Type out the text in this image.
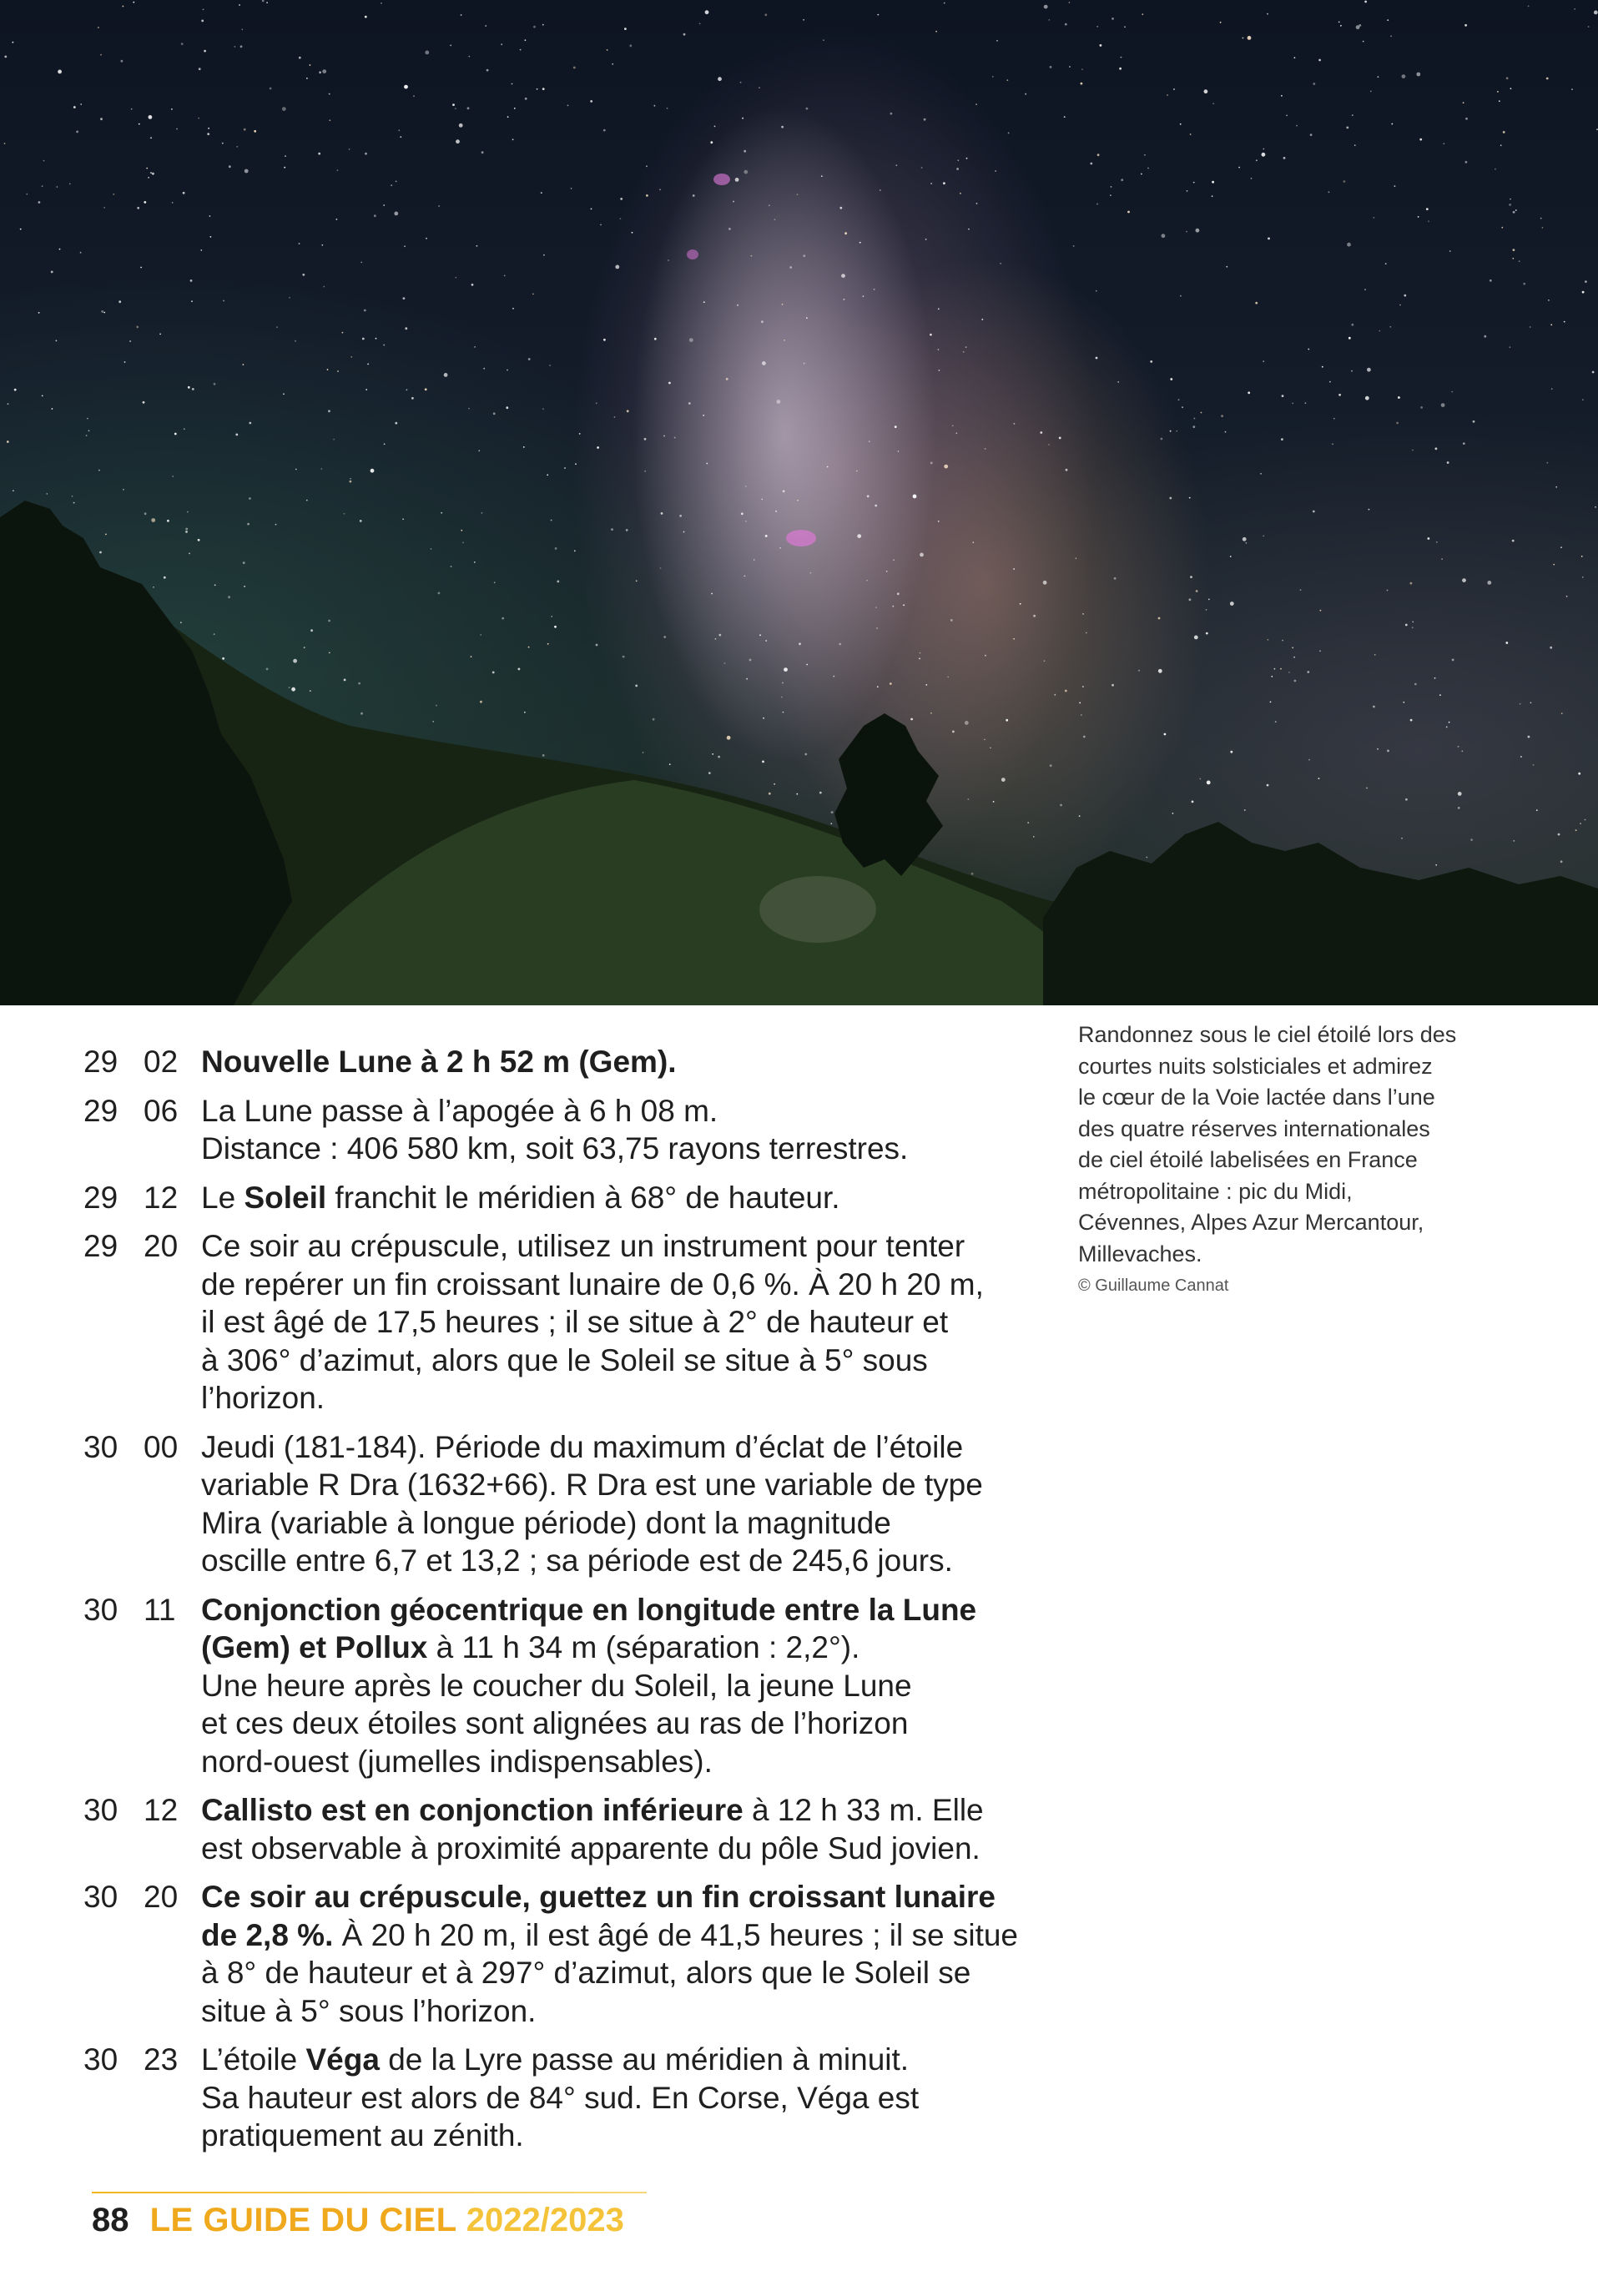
Randonnez sous le ciel étoilé lors des
courtes nuits solsticiales et admirez
le cœur de la Voie lactée dans l’une
des quatre réserves internationales
de ciel étoilé labelisées en France
métropolitaine : pic du Midi,
Cévennes, Alpes Azur Mercantour,
Millevaches.
© Guillaume Cannat
29 02 Nouvelle Lune à 2 h 52 m (Gem).
29 06 La Lune passe à l’apogée à 6 h 08 m.
Distance : 406 580 km, soit 63,75 rayons terrestres.
29 12 Le Soleil franchit le méridien à 68° de hauteur.
29 20 Ce soir au crépuscule, utilisez un instrument pour tenter
de repérer un fin croissant lunaire de 0,6 %. À 20 h 20 m,
il est âgé de 17,5 heures ; il se situe à 2° de hauteur et
à 306° d’azimut, alors que le Soleil se situe à 5° sous
l’horizon.
30 00 Jeudi (181-184). Période du maximum d’éclat de l’étoile
variable R Dra (1632+66). R Dra est une variable de type
Mira (variable à longue période) dont la magnitude
oscille entre 6,7 et 13,2 ; sa période est de 245,6 jours.
30 11 Conjonction géocentrique en longitude entre la Lune
(Gem) et Pollux à 11 h 34 m (séparation : 2,2°).
Une heure après le coucher du Soleil, la jeune Lune
et ces deux étoiles sont alignées au ras de l’horizon
nord-ouest (jumelles indispensables).
30 12 Callisto est en conjonction inférieure à 12 h 33 m. Elle
est observable à proximité apparente du pôle Sud jovien.
30 20 Ce soir au crépuscule, guettez un fin croissant lunaire
de 2,8 %. À 20 h 20 m, il est âgé de 41,5 heures ; il se situe
à 8° de hauteur et à 297° d’azimut, alors que le Soleil se
situe à 5° sous l’horizon.
30 23 L’étoile Véga de la Lyre passe au méridien à minuit.
Sa hauteur est alors de 84° sud. En Corse, Véga est
pratiquement au zénith.
88 LE GUIDE DU CIEL 2022/2023
